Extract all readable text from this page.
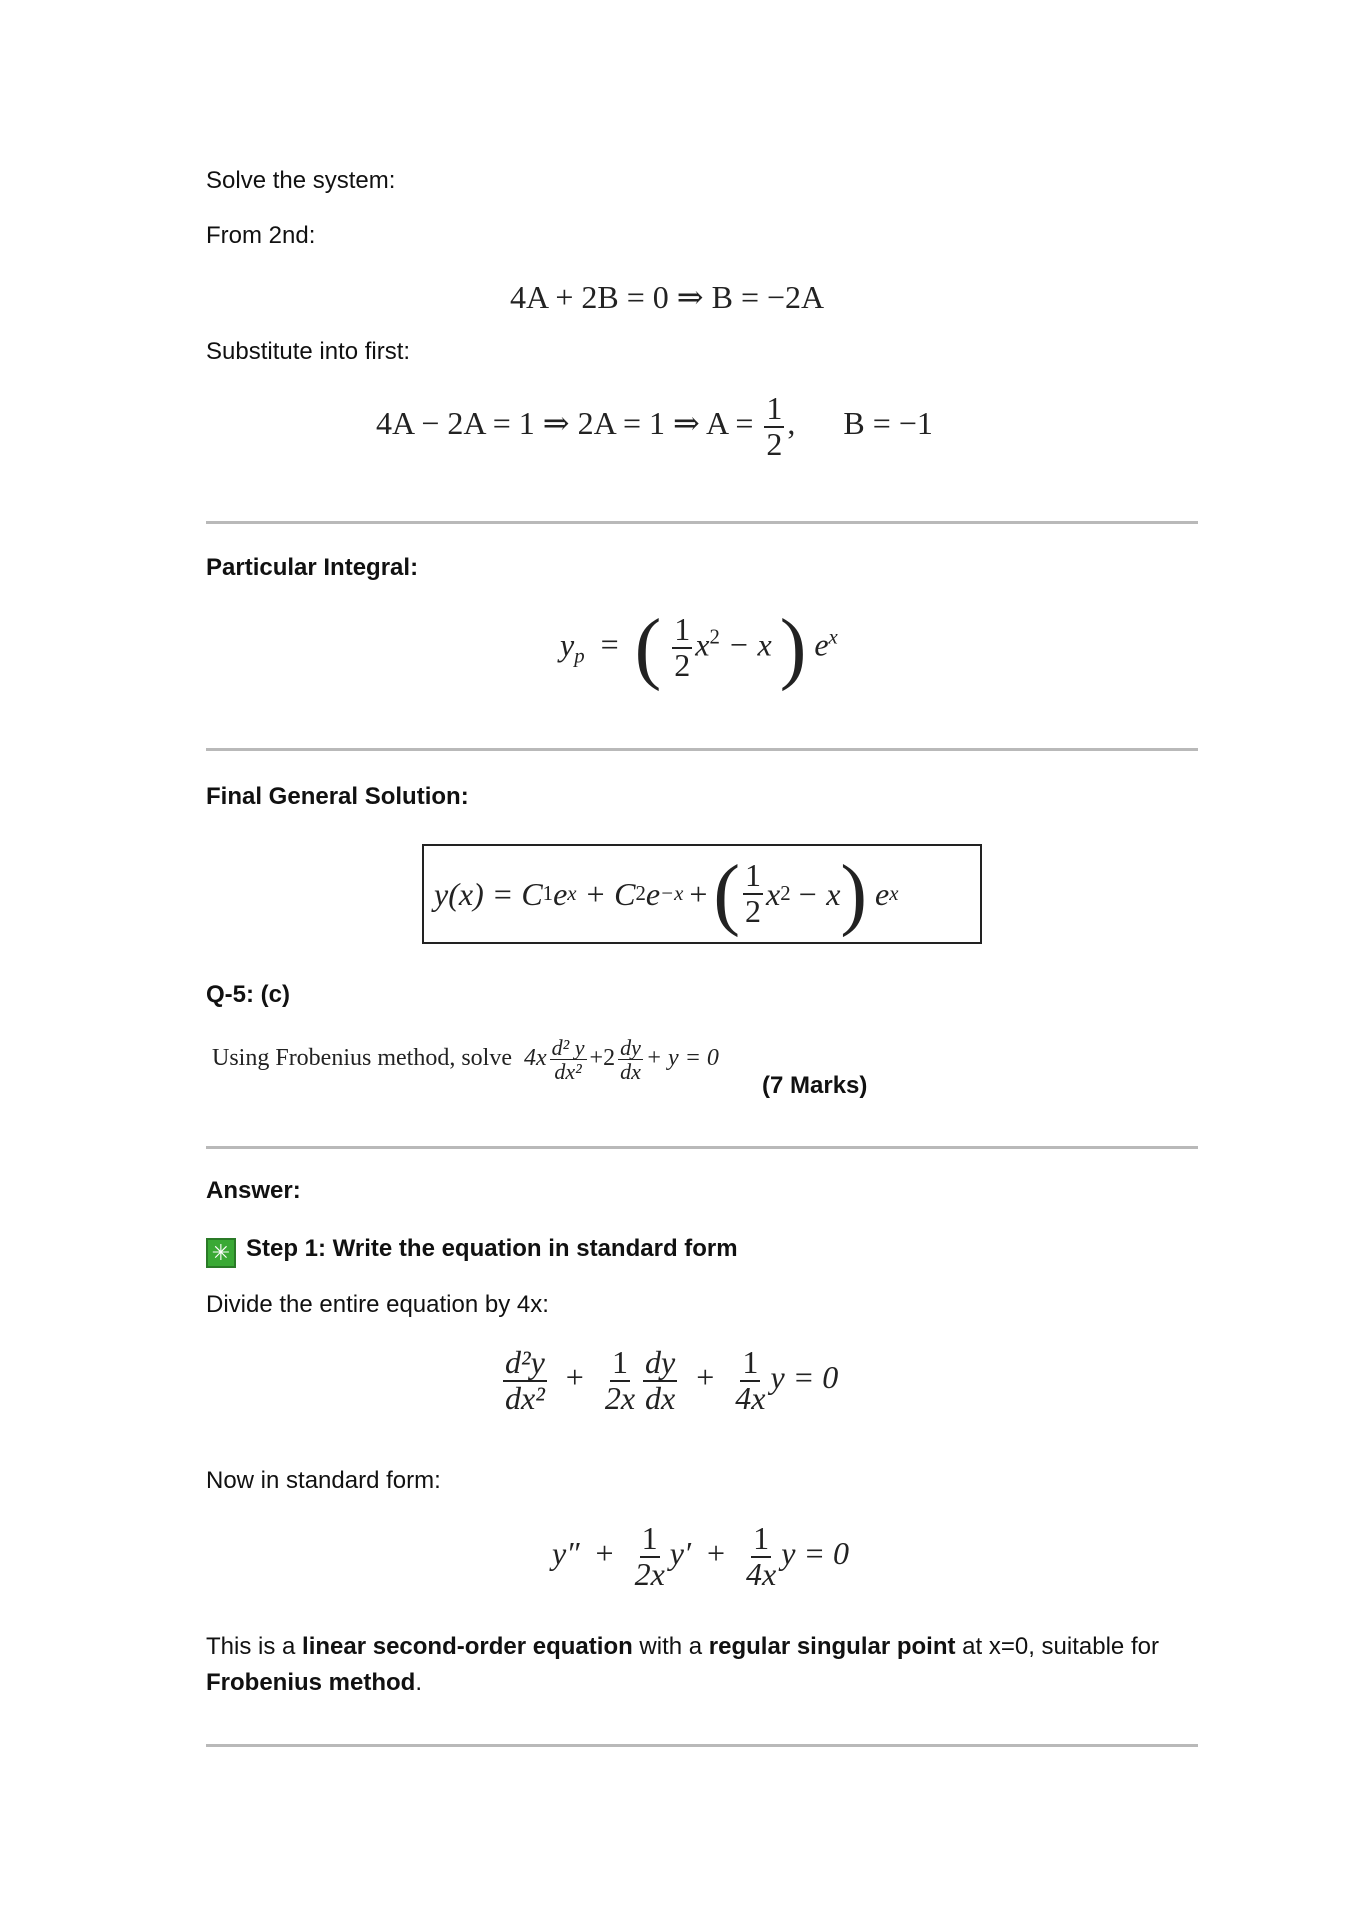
Solve the system:
From 2nd:
4A + 2B = 0 ⇒ B = −2A
Substitute into first:
4A − 2A = 1 ⇒ 2A = 1 ⇒ $A = \frac{1}{2}$ , B = −1
Particular Integral:
$y_p$ = ( $\frac{1}{2} x^2 - x$ ) $e^x$
Final General Solution:
y(x) = C 1 e x + C 2 e −x + ( $\frac{1}{2}$ x 2 − x ) e x
Q-5: (c)
Using Frobenius method, solve $4x \frac{\text{d² y}}{\text{dx²}} +2 \frac{dy}{dx} + y = 0$
(7 Marks)
Answer:
✳ Step 1: Write the equation in standard form
Divide the entire equation by 4x:
$\frac{\text{d²y}}{\text{dx²}} + \frac{1}{2x} \frac{dy}{dx} + \frac{1}{4x}$ y = 0
Now in standard form:
$y'' + \frac{1}{2x} y' + \frac{1}{4x}$ y = 0
This is a linear second-order equation with a regular singular point at x=0, suitable for
Frobenius method.
